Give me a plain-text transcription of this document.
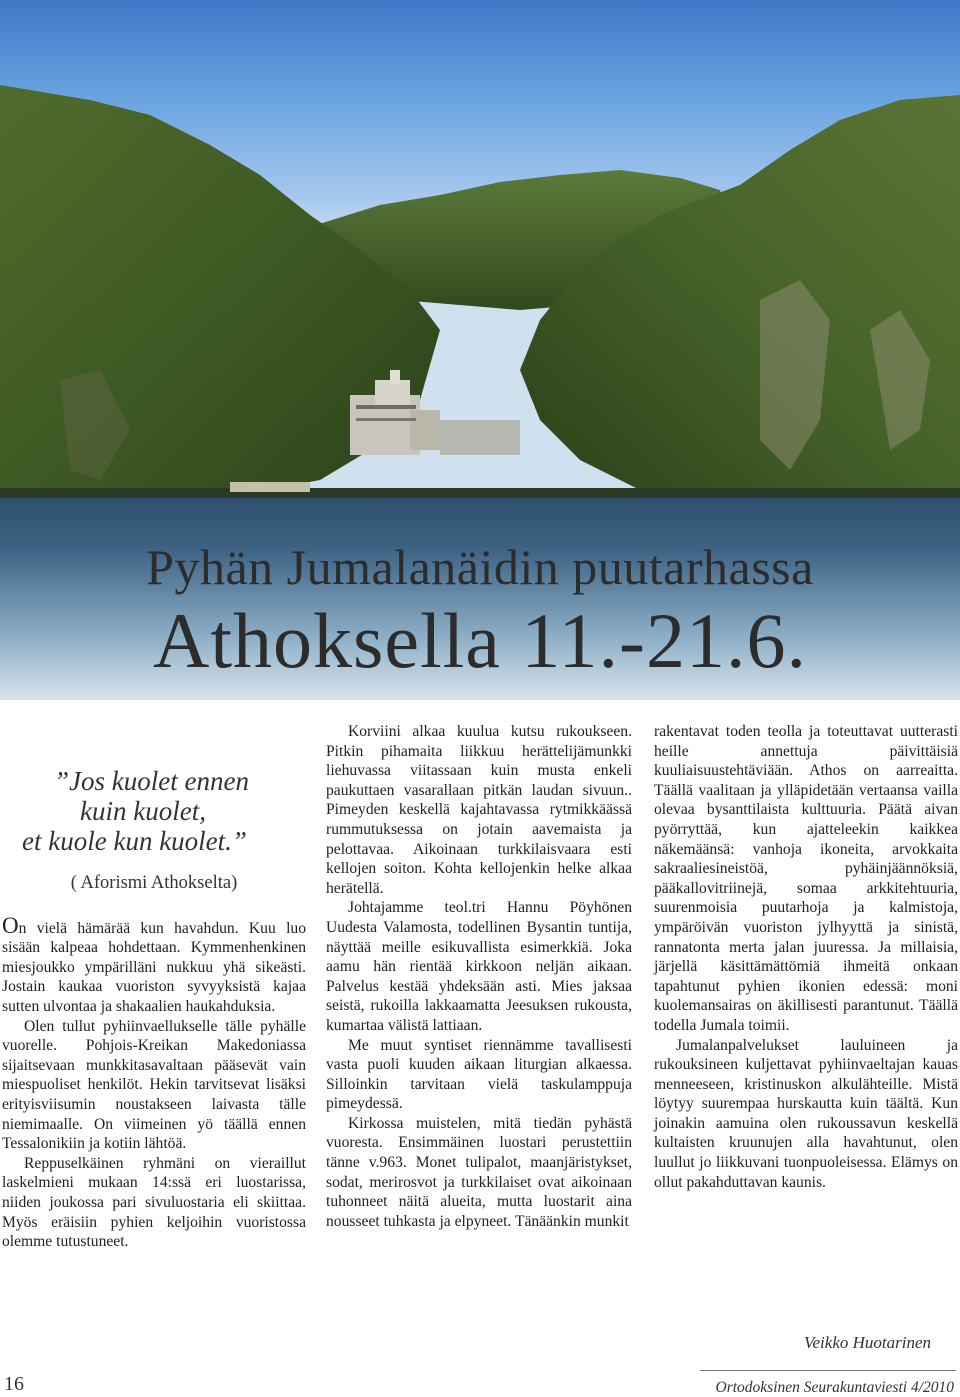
Pyhän Jumalanäidin puutarhassa
Athoksella 11.-21.6.
”Jos kuolet ennen
kuin kuolet,
et kuole kun kuolet.”
( Aforismi Athokselta)

On vielä hämärää kun havahdun. Kuu luo sisään kalpeaa hohdettaan. Kymmenhenkinen miesjoukko ympärilläni nukkuu yhä sikeästi. Jostain kaukaa vuoriston syvyyksistä kajaa sutten ulvontaa ja shakaalien haukahduksia.

Olen tullut pyhiinvaellukselle tälle pyhälle vuorelle. Pohjois-Kreikan Makedoniassa sijaitsevaan munkkitasavaltaan pääsevät vain miespuoliset henkilöt. Hekin tarvitsevat lisäksi erityisviisumin noustakseen laivasta tälle niemimaalle. On viimeinen yö täällä ennen Tessalonikiin ja kotiin lähtöä.

Reppuselkäinen ryhmäni on vieraillut laskelmieni mukaan 14:ssä eri luostarissa, niiden joukossa pari sivuluostaria eli skiittaa. Myös eräisiin pyhien keljoihin vuoristossa olemme tutustuneet.

Korviini alkaa kuulua kutsu rukoukseen. Pitkin pihamaita liikkuu herättelijämunkki liehuvassa viitassaan kuin musta enkeli paukuttaen vasarallaan pitkän laudan sivuun.. Pimeyden keskellä kajahtavassa rytmikkäässä rummutuksessa on jotain aavemaista ja pelottavaa. Aikoinaan turkkilaisvaara esti kellojen soiton. Kohta kellojenkin helke alkaa herätellä.

Johtajamme teol.tri Hannu Pöyhönen Uudesta Valamosta, todellinen Bysantin tuntija, näyttää meille esikuvallista esimerkkiä. Joka aamu hän rientää kirkkoon neljän aikaan. Palvelus kestää yhdeksään asti. Mies jaksaa seistä, rukoilla lakkaamatta Jeesuksen rukousta, kumartaa välistä lattiaan.

Me muut syntiset riennämme tavallisesti vasta puoli kuuden aikaan liturgian alkaessa. Silloinkin tarvitaan vielä taskulamppuja pimeydessä.

Kirkossa muistelen, mitä tiedän pyhästä vuoresta. Ensimmäinen luostari perustettiin tänne v.963. Monet tulipalot, maanjäristykset, sodat, merirosvot ja turkkilaiset ovat aikoinaan tuhonneet näitä alueita, mutta luostarit aina nousseet tuhkasta ja elpyneet. Tänäänkin munkit

rakentavat toden teolla ja toteuttavat uutterasti heille annettuja päivittäisiä kuuliaisuustehtäviään. Athos on aarreaitta. Täällä vaalitaan ja ylläpidetään vertaansa vailla olevaa bysanttilaista kulttuuria. Päätä aivan pyörryttää, kun ajatteleekin kaikkea näkemäänsä: vanhoja ikoneita, arvokkaita sakraaliesineistöä, pyhäinjäännöksiä, pääkallovitriinejä, somaa arkkitehtuuria, suurenmoisia puutarhoja ja kalmistoja, ympäröivän vuoriston jylhyyttä ja sinistä, rannatonta merta jalan juuressa. Ja millaisia, järjellä käsittämättömiä ihmeitä onkaan tapahtunut pyhien ikonien edessä: moni kuolemansairas on äkillisesti parantunut. Täällä todella Jumala toimii.

Jumalanpalvelukset lauluineen ja rukouksineen kuljettavat pyhiinvaeltajan kauas menneeseen, kristinuskon alkulähteille. Mistä löytyy suurempaa hurskautta kuin täältä. Kun joinakin aamuina olen rukoussavun keskellä kultaisten kruunujen alla havahtunut, olen luullut jo liikkuvani tuonpuoleisessa. Elämys on ollut pakahduttavan kaunis.

Veikko Huotarinen
16	Ortodoksinen Seurakuntaviesti 4/2010
